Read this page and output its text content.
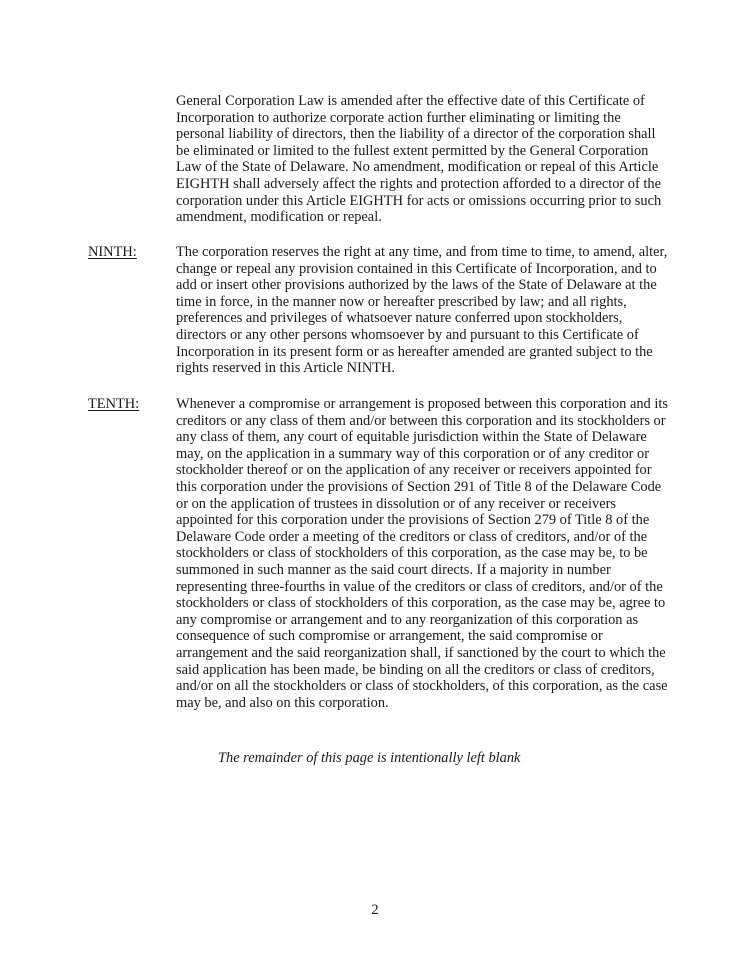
General Corporation Law is amended after the effective date of this Certificate of Incorporation to authorize corporate action further eliminating or limiting the personal liability of directors, then the liability of a director of the corporation shall be eliminated or limited to the fullest extent permitted by the General Corporation Law of the State of Delaware. No amendment, modification or repeal of this Article EIGHTH shall adversely affect the rights and protection afforded to a director of the corporation under this Article EIGHTH for acts or omissions occurring prior to such amendment, modification or repeal.

NINTH:	The corporation reserves the right at any time, and from time to time, to amend, alter, change or repeal any provision contained in this Certificate of Incorporation, and to add or insert other provisions authorized by the laws of the State of Delaware at the time in force, in the manner now or hereafter prescribed by law; and all rights, preferences and privileges of whatsoever nature conferred upon stockholders, directors or any other persons whomsoever by and pursuant to this Certificate of Incorporation in its present form or as hereafter amended are granted subject to the rights reserved in this Article NINTH.

TENTH:	Whenever a compromise or arrangement is proposed between this corporation and its creditors or any class of them and/or between this corporation and its stockholders or any class of them, any court of equitable jurisdiction within the State of Delaware may, on the application in a summary way of this corporation or of any creditor or stockholder thereof or on the application of any receiver or receivers appointed for this corporation under the provisions of Section 291 of Title 8 of the Delaware Code or on the application of trustees in dissolution or of any receiver or receivers appointed for this corporation under the provisions of Section 279 of Title 8 of the Delaware Code order a meeting of the creditors or class of creditors, and/or of the stockholders or class of stockholders of this corporation, as the case may be, to be summoned in such manner as the said court directs. If a majority in number representing three-fourths in value of the creditors or class of creditors, and/or of the stockholders or class of stockholders of this corporation, as the case may be, agree to any compromise or arrangement and to any reorganization of this corporation as consequence of such compromise or arrangement, the said compromise or arrangement and the said reorganization shall, if sanctioned by the court to which the said application has been made, be binding on all the creditors or class of creditors, and/or on all the stockholders or class of stockholders, of this corporation, as the case may be, and also on this corporation.

The remainder of this page is intentionally left blank

2
